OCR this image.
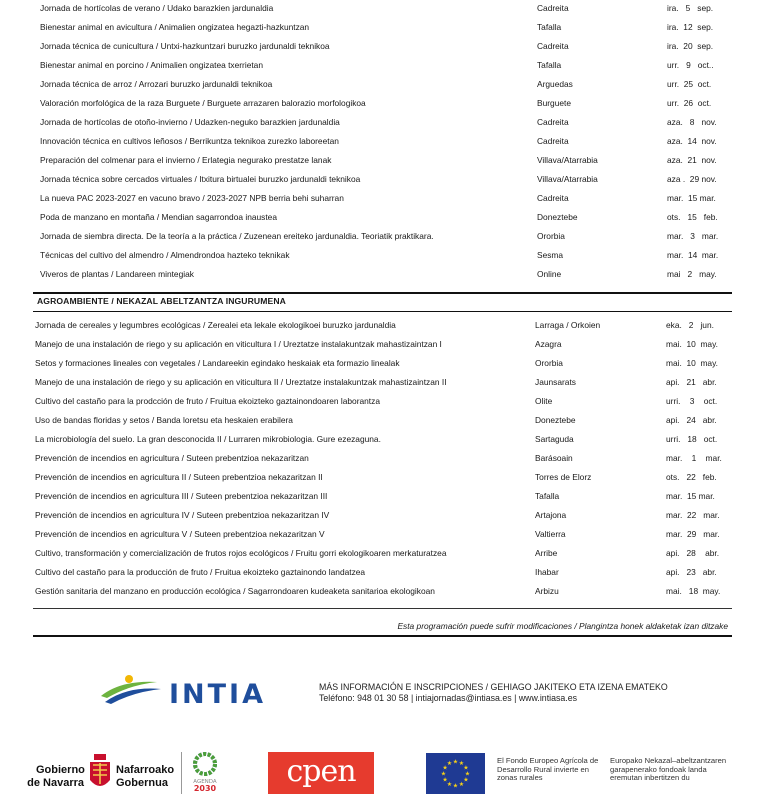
Jornada de hortícolas de verano / Udako barazkien jardunaldia	Cadreita	ira.   5   sep.
Bienestar animal en avicultura / Animalien ongizatea hegazti-hazkuntzan	Tafalla	ira.  12  sep.
Jornada técnica de cunicultura / Untxi-hazkuntzari buruzko jardunaldi teknikoa	Cadreita	ira.  20  sep.
Bienestar animal en porcino / Animalien ongizatea txerrietan	Tafalla	urr.   9   oct..
Jornada técnica de arroz / Arrozari buruzko jardunaldi teknikoa	Arguedas	urr.  25  oct.
Valoración morfológica de la raza Burguete / Burguete arrazaren balorazio morfologikoa	Burguete	urr.  26  oct.
Jornada de hortícolas de otoño-invierno / Udazken-neguko barazkien jardunaldia	Cadreita	aza.   8   nov.
Innovación técnica en cultivos leñosos / Berrikuntza teknikoa zurezko laboreetan	Cadreita	aza.  14  nov.
Preparación del colmenar para el invierno / Erlategia negurako prestatze lanak	Villava/Atarrabia	aza.  21  nov.
Jornada técnica sobre cercados virtuales / Itxitura birtualei buruzko jardunaldi teknikoa	Villava/Atarrabia	aza .  29 nov.
La nueva PAC 2023-2027 en vacuno bravo / 2023-2027 NPB berria behi suharran	Cadreita	mar.  15 mar.
Poda de manzano en montaña / Mendian sagarrondoa inaustea	Doneztebe	ots.   15   feb.
Jornada de siembra directa. De la teoría a la práctica / Zuzenean ereiteko jardunaldia. Teoriatik praktikara.	Ororbia	mar.   3   mar.
Técnicas del cultivo del almendro / Almendrondoa hazteko teknikak	Sesma	mar.  14  mar.
Viveros de plantas / Landareen mintegiak	Online	mai   2   may.
AGROAMBIENTE / NEKAZAL ABELTZANTZA INGURUMENA
Jornada de cereales y legumbres ecológicas / Zerealei eta lekale ekologikoei buruzko jardunaldia	Larraga / Orkoien	eka.   2   jun.
Manejo de una instalación de riego y su aplicación en viticultura I / Ureztatze instalakuntzak mahastizaintzan I	Azagra	mai.  10  may.
Setos y formaciones lineales con vegetales / Landareekin egindako heskaiak eta formazio linealak	Ororbia	mai.  10  may.
Manejo de una instalación de riego y su aplicación en viticultura II / Ureztatze instalakuntzak mahastizaintzan II	Jaunsarats	api.   21   abr.
Cultivo del castaño para la prodcción de fruto / Fruitua ekoizteko gaztainondoaren laborantza	Olite	urri.    3    oct.
Uso de bandas floridas y setos / Banda loretsu eta heskaien erabilera	Doneztebe	api.   24   abr.
La microbiología del suelo. La gran desconocida II / Lurraren mikrobiologia. Gure ezezaguna.	Sartaguda	urri.   18   oct.
Prevención de incendios en agricultura / Suteen prebentzioa nekazaritzan	Barásoain	mar.    1    mar.
Prevención de incendios en agricultura II / Suteen prebentzioa nekazaritzan II	Torres de Elorz	ots.   22   feb.
Prevención de incendios en agricultura III / Suteen prebentzioa nekazaritzan III	Tafalla	mar.  15 mar.
Prevención de incendios en agricultura IV / Suteen prebentzioa nekazaritzan IV	Artajona	mar.  22   mar.
Prevención de incendios en agricultura V / Suteen prebentzioa nekazaritzan V	Valtierra	mar.  29   mar.
Cultivo, transformación y comercialización de frutos rojos ecológicos / Fruitu gorri ekologikoaren merkaturatzea	Arribe	api.   28    abr.
Cultivo del castaño para la producción de fruto / Fruitua ekoizteko gaztainondo landatzea	Ihabar	api.   23   abr.
Gestión sanitaria del manzano en producción ecológica / Sagarrondoaren kudeaketa sanitarioa ekologikoan	Arbizu	mai.   18  may.
Esta programación puede sufrir modificaciones / Plangintza honek aldaketak izan ditzake
INTIA	MÁS INFORMACIÓN E INSCRIPCIONES / GEHIAGO JAKITEKO ETA IZENA EMATEKO
Teléfono: 948 01 30 58 | intiajornadas@intiasa.es | www.intiasa.es
Gobierno
de Navarra
Nafarroako
Gobernua	AGENDA
2030	cpen	★
★
★
★
★
★
★
★
★ ★ ★
★
El Fondo Europeo Agrícola de
Desarrollo Rural invierte en
zonas rurales
Europako Nekazal–abeltzantzaren
garapenerako fondoak landa
eremutan inbertitzen du
